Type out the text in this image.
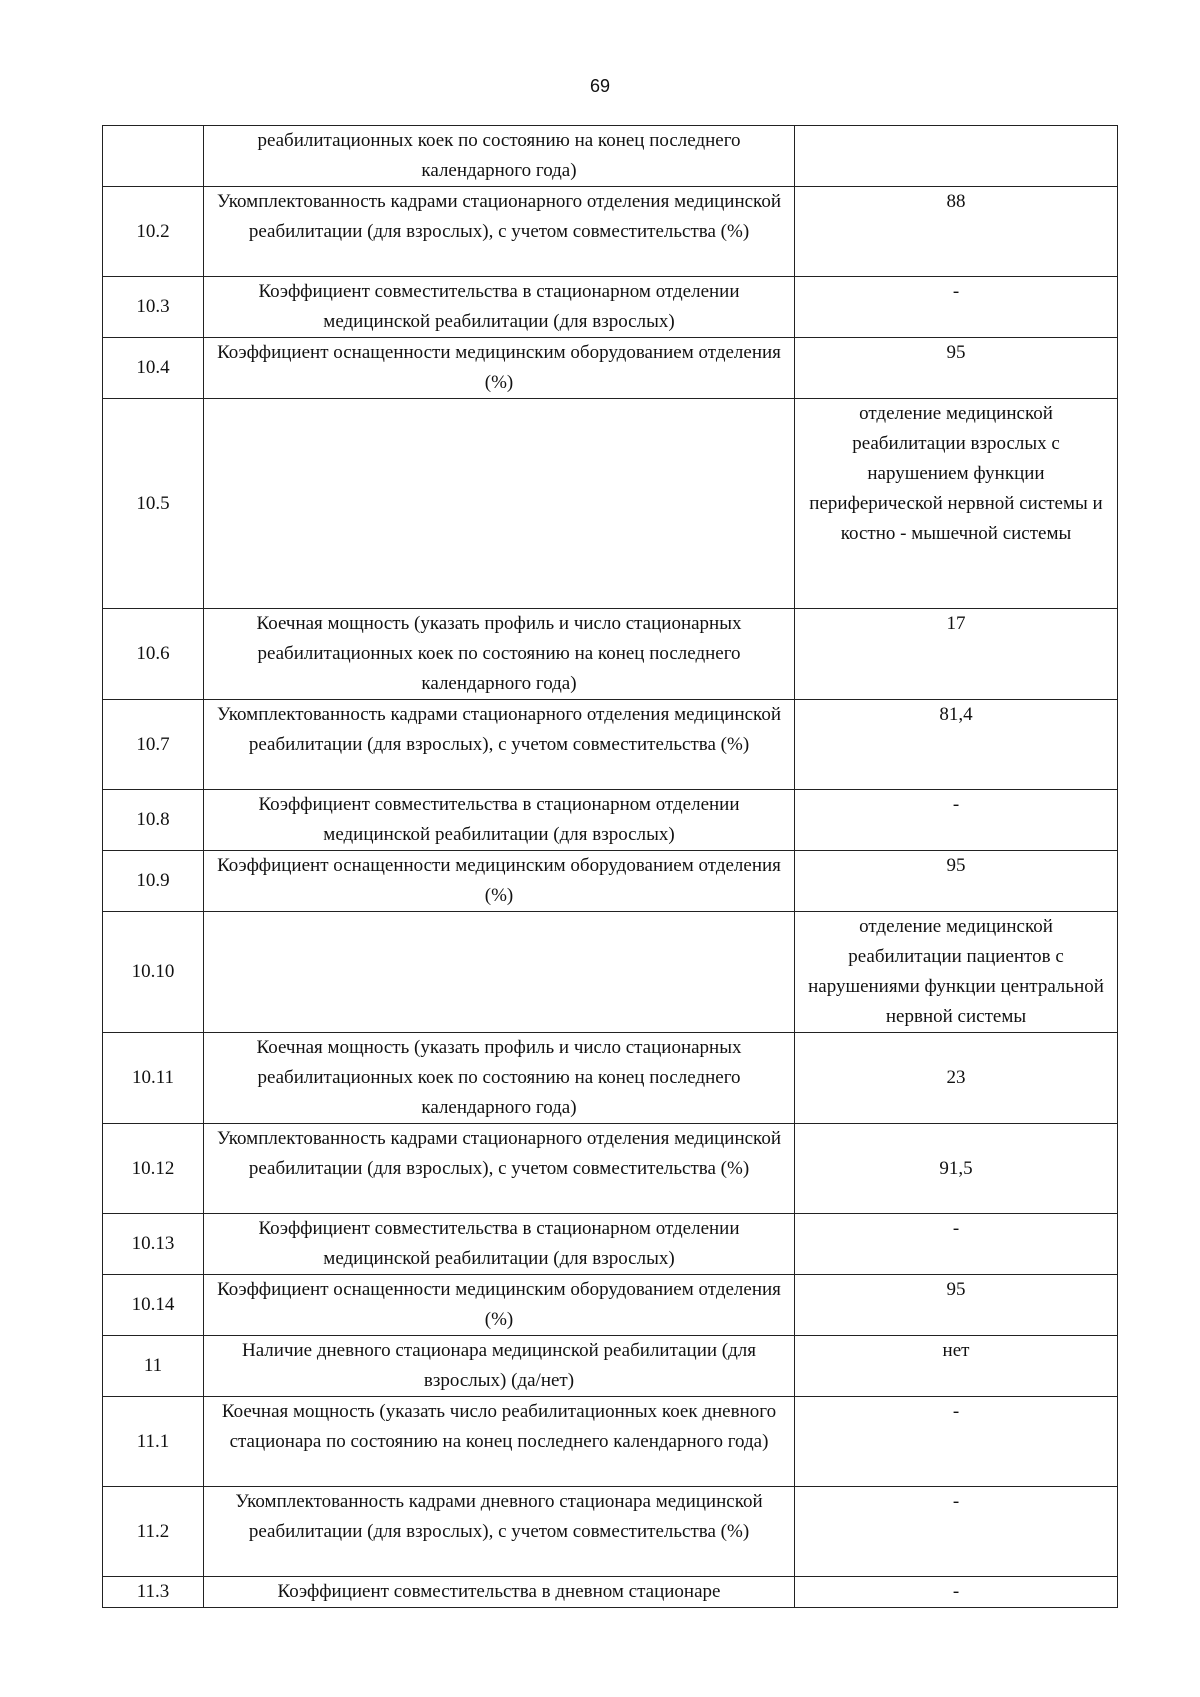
69
	реабилитационных коек по состоянию на конец последнего календарного года)	
10.2	Укомплектованность кадрами стационарного отделения медицинской реабилитации (для взрослых), с учетом совместительства (%)	88
10.3	Коэффициент совместительства в стационарном отделении медицинской реабилитации (для взрослых)	-
10.4	Коэффициент оснащенности медицинским оборудованием отделения (%)	95
10.5		отделение медицинской реабилитации взрослых с нарушением функции периферической нервной системы и костно - мышечной системы
10.6	Коечная мощность (указать профиль и число стационарных реабилитационных коек по состоянию на конец последнего календарного года)	17
10.7	Укомплектованность кадрами стационарного отделения медицинской реабилитации (для взрослых), с учетом совместительства (%)	81,4
10.8	Коэффициент совместительства в стационарном отделении медицинской реабилитации (для взрослых)	-
10.9	Коэффициент оснащенности медицинским оборудованием отделения (%)	95
10.10		отделение медицинской реабилитации пациентов с нарушениями функции центральной нервной системы
10.11	Коечная мощность (указать профиль и число стационарных реабилитационных коек по состоянию на конец последнего календарного года)	23
10.12	Укомплектованность кадрами стационарного отделения медицинской реабилитации (для взрослых), с учетом совместительства (%)	91,5
10.13	Коэффициент совместительства в стационарном отделении медицинской реабилитации (для взрослых)	-
10.14	Коэффициент оснащенности медицинским оборудованием отделения (%)	95
11	Наличие дневного стационара медицинской реабилитации (для взрослых) (да/нет)	нет
11.1	Коечная мощность (указать число реабилитационных коек дневного стационара по состоянию на конец последнего календарного года)	-
11.2	Укомплектованность кадрами дневного стационара медицинской реабилитации (для взрослых), с учетом совместительства (%)	-
11.3	Коэффициент совместительства в дневном стационаре	-
